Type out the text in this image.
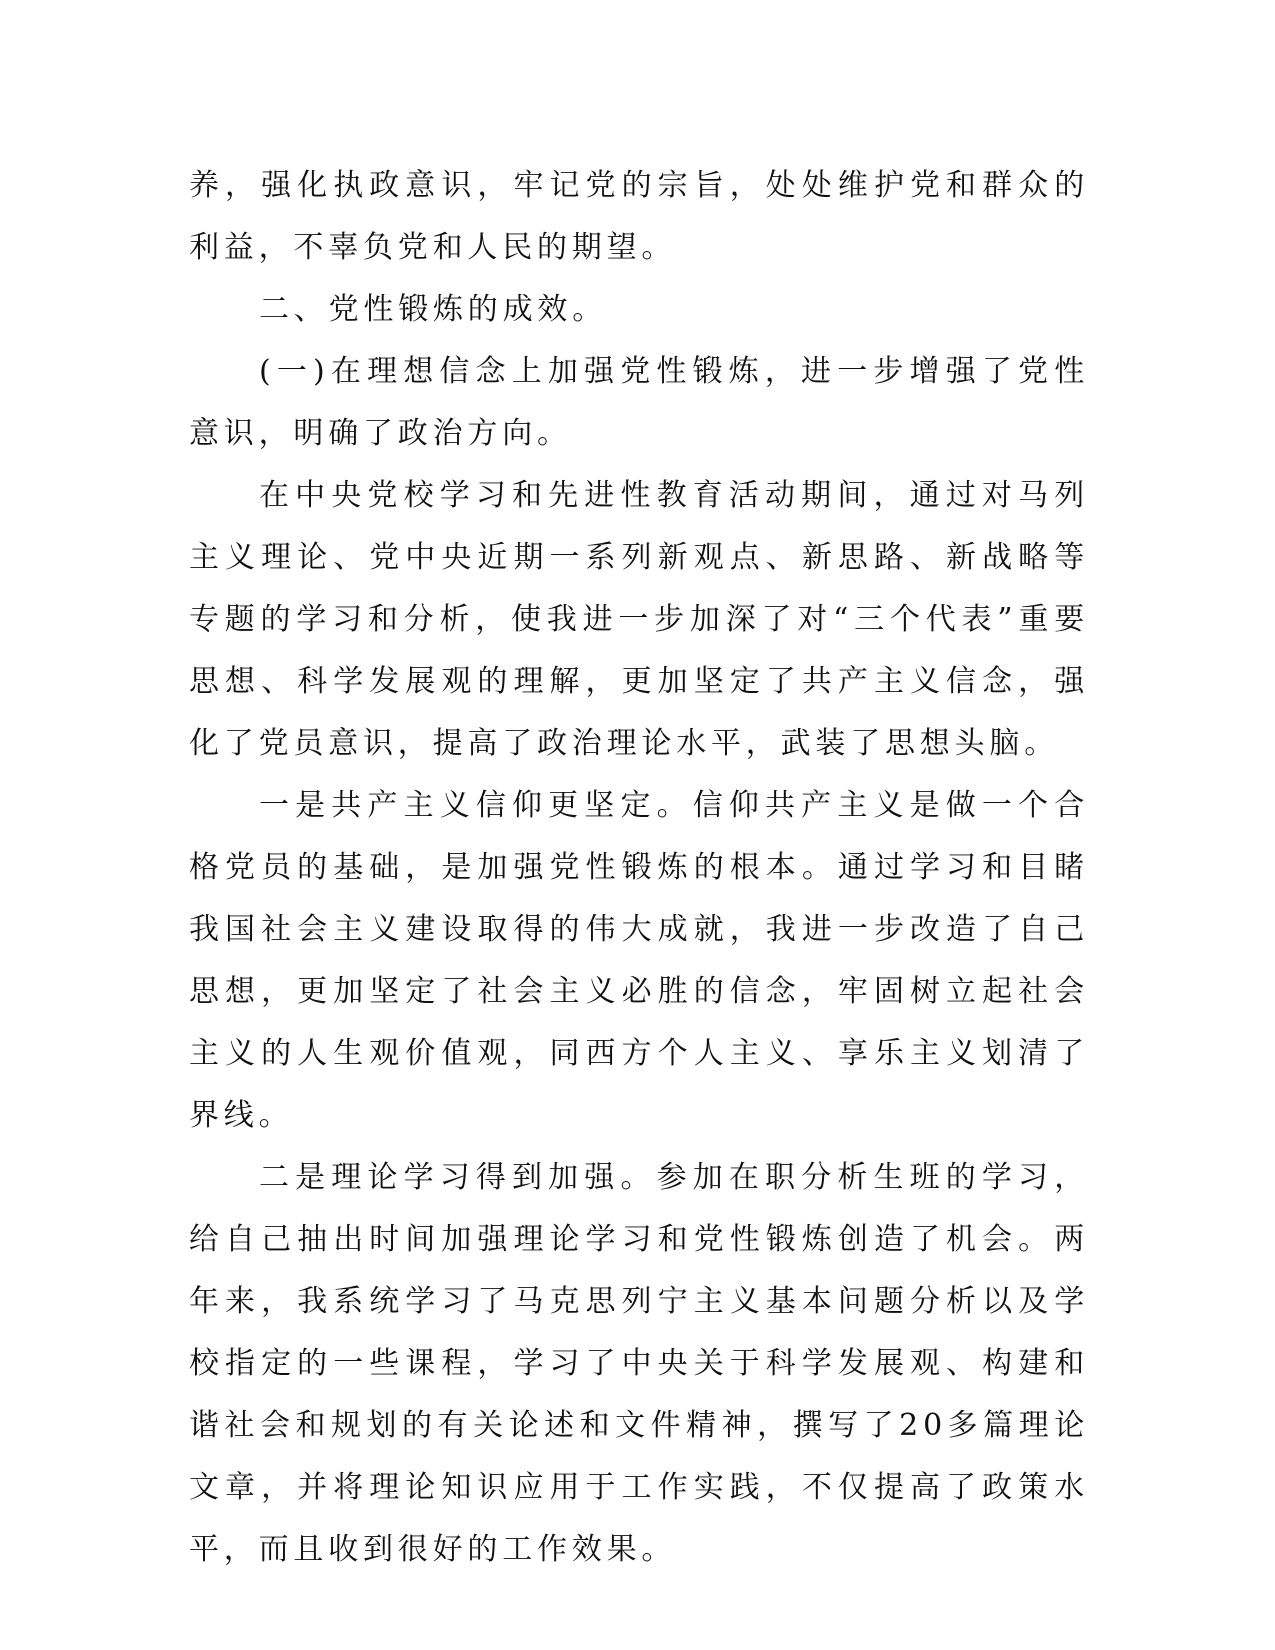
养，强化执政意识，牢记党的宗旨，处处维护党和群众的利益，不辜负党和人民的期望。

二、党性锻炼的成效。

(一)在理想信念上加强党性锻炼，进一步增强了党性意识，明确了政治方向。

在中央党校学习和先进性教育活动期间，通过对马列主义理论、党中央近期一系列新观点、新思路、新战略等专题的学习和分析，使我进一步加深了对“三个代表”重要思想、科学发展观的理解，更加坚定了共产主义信念，强化了党员意识，提高了政治理论水平，武装了思想头脑。

一是共产主义信仰更坚定。信仰共产主义是做一个合格党员的基础，是加强党性锻炼的根本。通过学习和目睹我国社会主义建设取得的伟大成就，我进一步改造了自己思想，更加坚定了社会主义必胜的信念，牢固树立起社会主义的人生观价值观，同西方个人主义、享乐主义划清了界线。

二是理论学习得到加强。参加在职分析生班的学习，给自己抽出时间加强理论学习和党性锻炼创造了机会。两年来，我系统学习了马克思列宁主义基本问题分析以及学校指定的一些课程，学习了中央关于科学发展观、构建和谐社会和规划的有关论述和文件精神，撰写了20多篇理论文章，并将理论知识应用于工作实践，不仅提高了政策水平，而且收到很好的工作效果。
